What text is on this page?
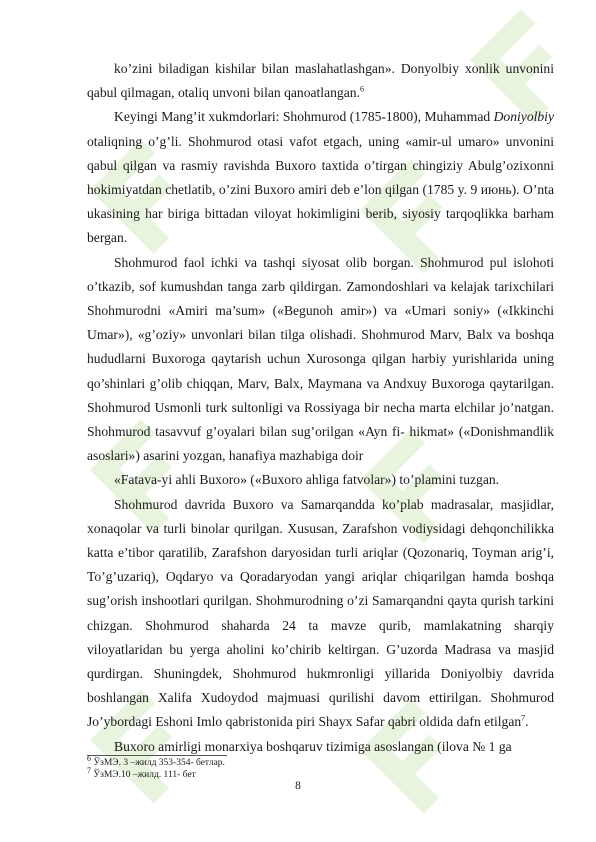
ko’zini biladigan kishilar bilan maslahatlashgan». Donyolbiy xonlik unvonini qabul qilmagan, otaliq unvoni bilan qanoatlangan.$^6$

Keyingi Mang’it xukmdorlari: Shohmurod (1785-1800), Muhammad Doniyolbiy otaliqning o’g’li. Shohmurod otasi vafot etgach, uning «amir-ul umaro» unvonini qabul qilgan va rasmiy ravishda Buxoro taxtida o’tirgan chingiziy Abulg’ozixonni hokimiyatdan chetlatib, o’zini Buxoro amiri deb e’lon qilgan (1785 y. 9 июнь). O’nta ukasining har biriga bittadan viloyat hokimligini berib, siyosiy tarqoqlikka barham bergan.

Shohmurod faol ichki va tashqi siyosat olib borgan. Shohmurod pul islohoti o’tkazib, sof kumushdan tanga zarb qildirgan. Zamondoshlari va kelajak tarixchilari Shohmurodni «Amiri ma’sum» («Begunoh amir») va «Umari soniy» («Ikkinchi Umar»), «g’oziy» unvonlari bilan tilga olishadi. Shohmurod Marv, Balx va boshqa hududlarni Buxoroga qaytarish uchun Xurosonga qilgan harbiy yurishlarida uning qo’shinlari g’olib chiqqan, Marv, Balx, Maymana va Andxuy Buxoroga qaytarilgan. Shohmurod Usmonli turk sultonligi va Rossiyaga bir necha marta elchilar jo’natgan. Shohmurod tasavvuf g’oyalari bilan sug’orilgan «Ayn fi- hikmat» («Donishmandlik asoslari») asarini yozgan, hanafiya mazhabiga doir

«Fatava-yi ahli Buxoro» («Buxoro ahliga fatvolar») to’plamini tuzgan.

Shohmurod davrida Buxoro va Samarqandda ko’plab madrasalar, masjidlar, xonaqolar va turli binolar qurilgan. Xususan, Zarafshon vodiysidagi dehqonchilikka katta e’tibor qaratilib, Zarafshon daryosidan turli ariqlar (Qozonariq, Toyman arig’i, To’g’uzariq), Oqdaryo va Qoradaryodan yangi ariqlar chiqarilgan hamda boshqa sug’orish inshootlari qurilgan. Shohmurodning o’zi Samarqandni qayta qurish tarkini chizgan. Shohmurod shaharda 24 ta mavze qurib, mamlakatning sharqiy viloyatlaridan bu yerga aholini ko’chirib keltirgan. G’uzorda Madrasa va masjid qurdirgan. Shuningdek, Shohmurod hukmronligi yillarida Doniyolbiy davrida boshlangan Xalifa Xudoydod majmuasi qurilishi davom ettirilgan. Shohmurod Jo’ybordagi Eshoni Imlo qabristonida piri Shayx Safar qabri oldida dafn etilgan$^7$.

Buxoro amirligi monarxiya boshqaruv tizimiga asoslangan (ilova № 1 ga

$^6$ ЎзМЭ. 3 –жилд 353-354- бетлар.
$^7$ ЎзМЭ.10 –жилд. 111- бет
8
